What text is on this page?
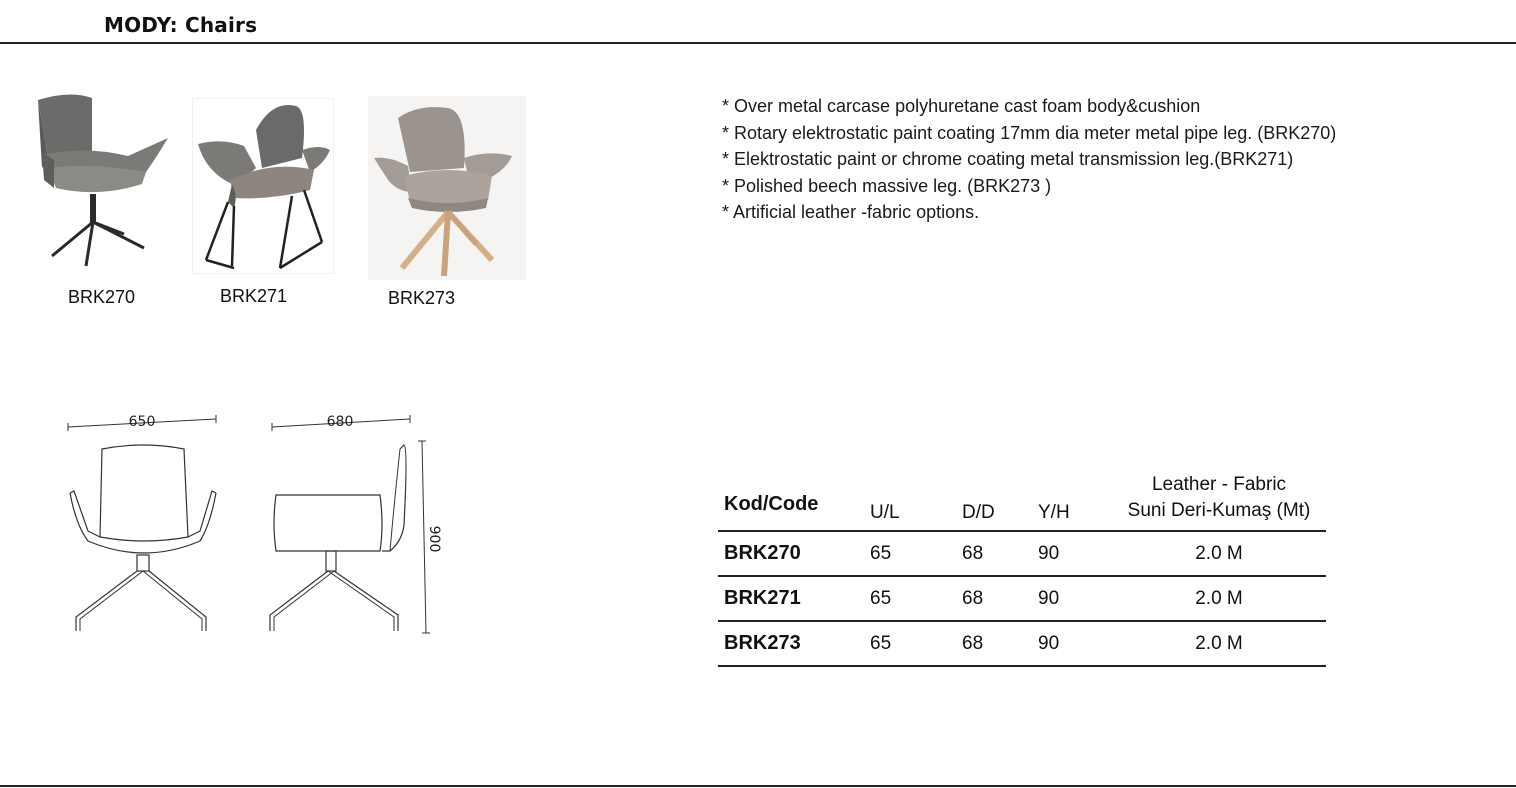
MODY: Chairs
BRK270	BRK271	BRK273
* Over metal carcase polyhuretane cast foam body&cushion
* Rotary elektrostatic paint coating 17mm dia meter metal pipe leg. (BRK270)
* Elektrostatic paint or chrome coating metal transmission leg.(BRK271)
* Polished beech massive leg. (BRK273 )
* Artificial leather -fabric options.
650	680
900
Kod/Code	U/L	D/D	Y/H	Leather - Fabric
Suni Deri-Kumaş (Mt)

BRK270	65	68	90	2.0 M
BRK271	65	68	90	2.0 M
BRK273	65	68	90	2.0 M
